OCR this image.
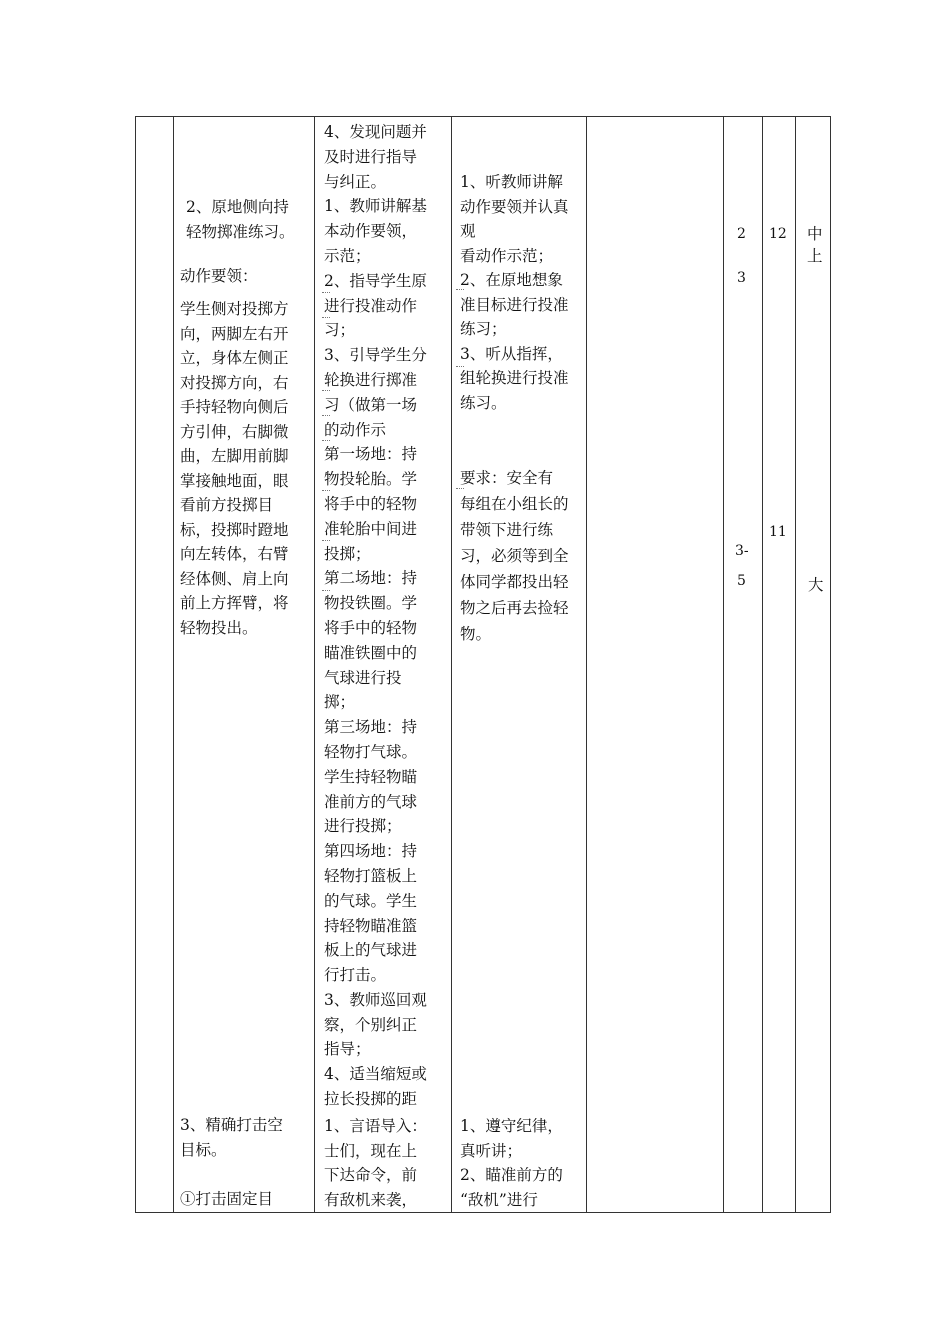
2、原地侧向持
轻物掷准练习。
动作要领：
学生侧对投掷方
向，两脚左右开
立，身体左侧正
对投掷方向，右
手持轻物向侧后
方引伸，右脚微
曲，左脚用前脚
掌接触地面，眼
看前方投掷目
标，投掷时蹬地
向左转体，右臂
经体侧、肩上向
前上方挥臂，将
轻物投出。
3、精确打击空
目标。

①打击固定目
4、发现问题并
及时进行指导
与纠正。
1、教师讲解基
本动作要领，
示范；
2、指导学生原
进行投准动作
习；
3、引导学生分
轮换进行掷准
习（做第一场
的动作示
第一场地：持
物投轮胎。学
将手中的轻物
准轮胎中间进
投掷；
第二场地：持
物投铁圈。学
将手中的轻物
瞄准铁圈中的
气球进行投
掷；
第三场地：持
轻物打气球。
学生持轻物瞄
准前方的气球
进行投掷；
第四场地：持
轻物打篮板上
的气球。学生
持轻物瞄准篮
板上的气球进
行打击。
3、教师巡回观
察，个别纠正
指导；
4、适当缩短或
拉长投掷的距
1、言语导入：
士们，现在上
下达命令，前
有敌机来袭，
1、听教师讲解
动作要领并认真
观
看动作示范；
2、在原地想象
准目标进行投准
练习；
3、听从指挥，
组轮换进行投准
练习。
要求：安全有
每组在小组长的
带领下进行练
习，必须等到全
体同学都投出轻
物之后再去捡轻
物。
1、遵守纪律，
真听讲；
2、瞄准前方的
“敌机”进行
2
3
3-
5
12
11
中
上
大
